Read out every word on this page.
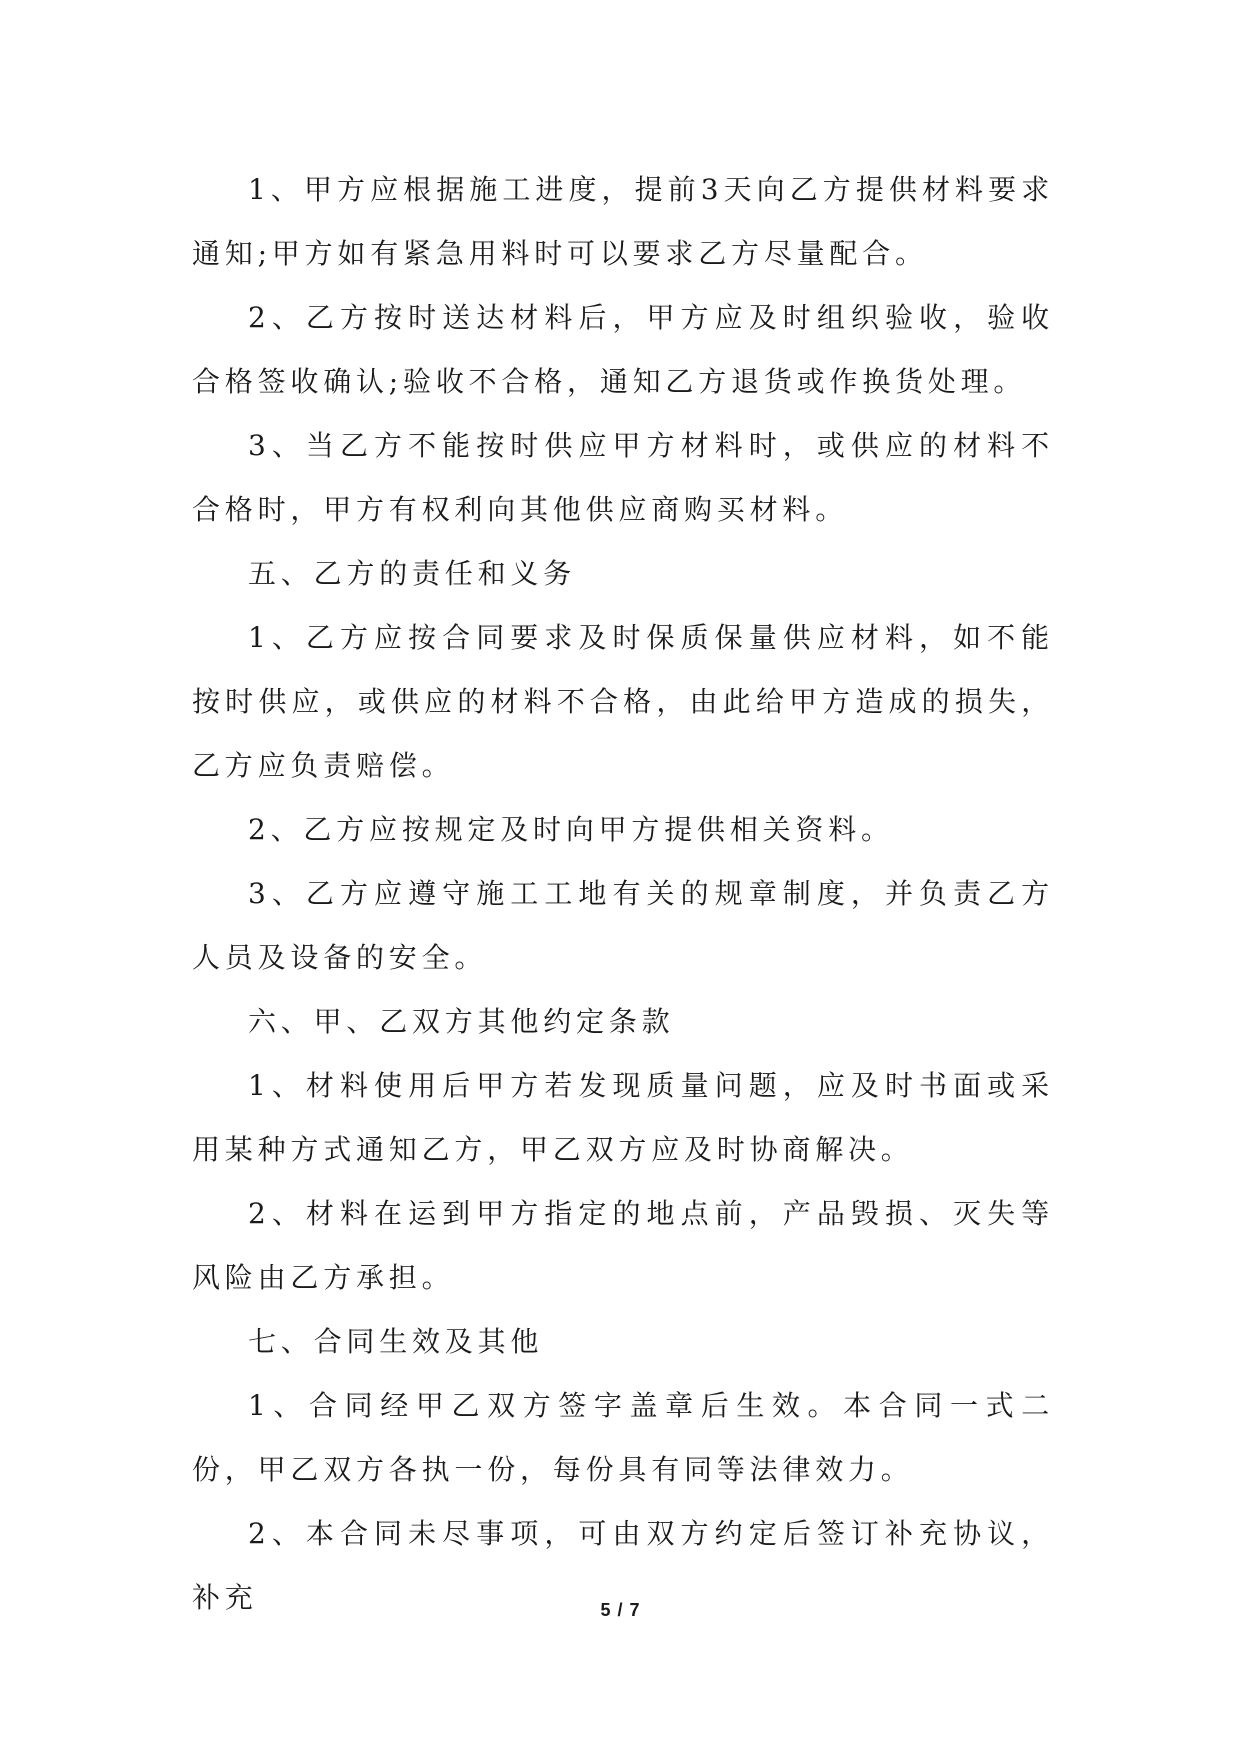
1、甲方应根据施工进度，提前3天向乙方提供材料要求通知;甲方如有紧急用料时可以要求乙方尽量配合。

2、乙方按时送达材料后，甲方应及时组织验收，验收合格签收确认;验收不合格，通知乙方退货或作换货处理。

3、当乙方不能按时供应甲方材料时，或供应的材料不合格时，甲方有权利向其他供应商购买材料。

五、乙方的责任和义务

1、乙方应按合同要求及时保质保量供应材料，如不能按时供应，或供应的材料不合格，由此给甲方造成的损失，乙方应负责赔偿。

2、乙方应按规定及时向甲方提供相关资料。

3、乙方应遵守施工工地有关的规章制度，并负责乙方人员及设备的安全。

六、甲、乙双方其他约定条款

1、材料使用后甲方若发现质量问题，应及时书面或采用某种方式通知乙方，甲乙双方应及时协商解决。

2、材料在运到甲方指定的地点前，产品毁损、灭失等风险由乙方承担。

七、合同生效及其他

1、合同经甲乙双方签字盖章后生效。本合同一式二份，甲乙双方各执一份，每份具有同等法律效力。

2、本合同未尽事项，可由双方约定后签订补充协议，补充	5 / 7
